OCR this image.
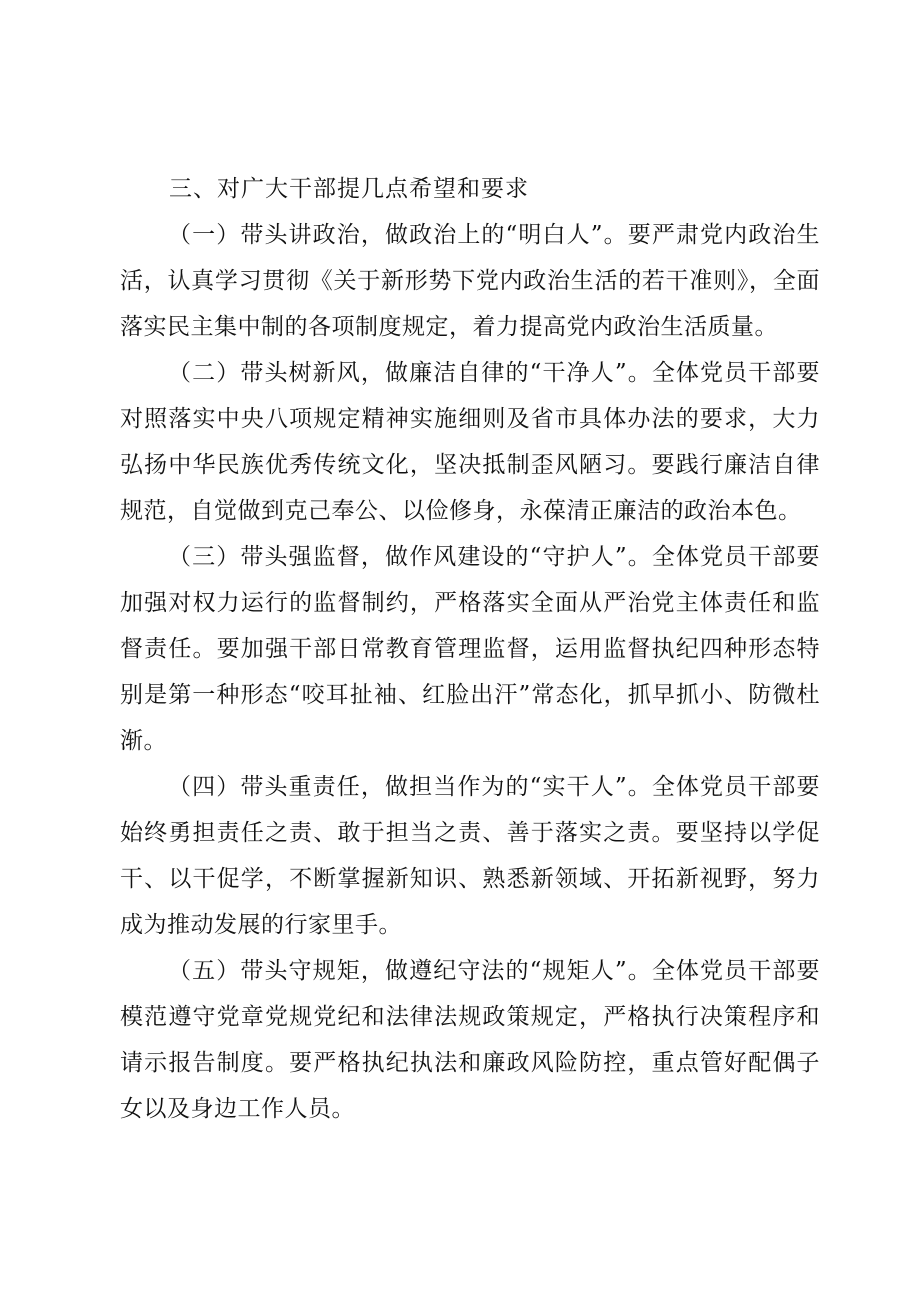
三、对广大干部提几点希望和要求

（一）带头讲政治，做政治上的“明白人”。要严肃党内政治生活，认真学习贯彻《关于新形势下党内政治生活的若干准则》，全面落实民主集中制的各项制度规定，着力提高党内政治生活质量。

（二）带头树新风，做廉洁自律的“干净人”。全体党员干部要对照落实中央八项规定精神实施细则及省市具体办法的要求，大力弘扬中华民族优秀传统文化，坚决抵制歪风陋习。要践行廉洁自律规范，自觉做到克己奉公、以俭修身，永葆清正廉洁的政治本色。

（三）带头强监督，做作风建设的“守护人”。全体党员干部要加强对权力运行的监督制约，严格落实全面从严治党主体责任和监督责任。要加强干部日常教育管理监督，运用监督执纪四种形态特别是第一种形态“咬耳扯袖、红脸出汗”常态化，抓早抓小、防微杜渐。

（四）带头重责任，做担当作为的“实干人”。全体党员干部要始终勇担责任之责、敢于担当之责、善于落实之责。要坚持以学促干、以干促学，不断掌握新知识、熟悉新领域、开拓新视野，努力成为推动发展的行家里手。

（五）带头守规矩，做遵纪守法的“规矩人”。全体党员干部要模范遵守党章党规党纪和法律法规政策规定，严格执行决策程序和请示报告制度。要严格执纪执法和廉政风险防控，重点管好配偶子女以及身边工作人员。
